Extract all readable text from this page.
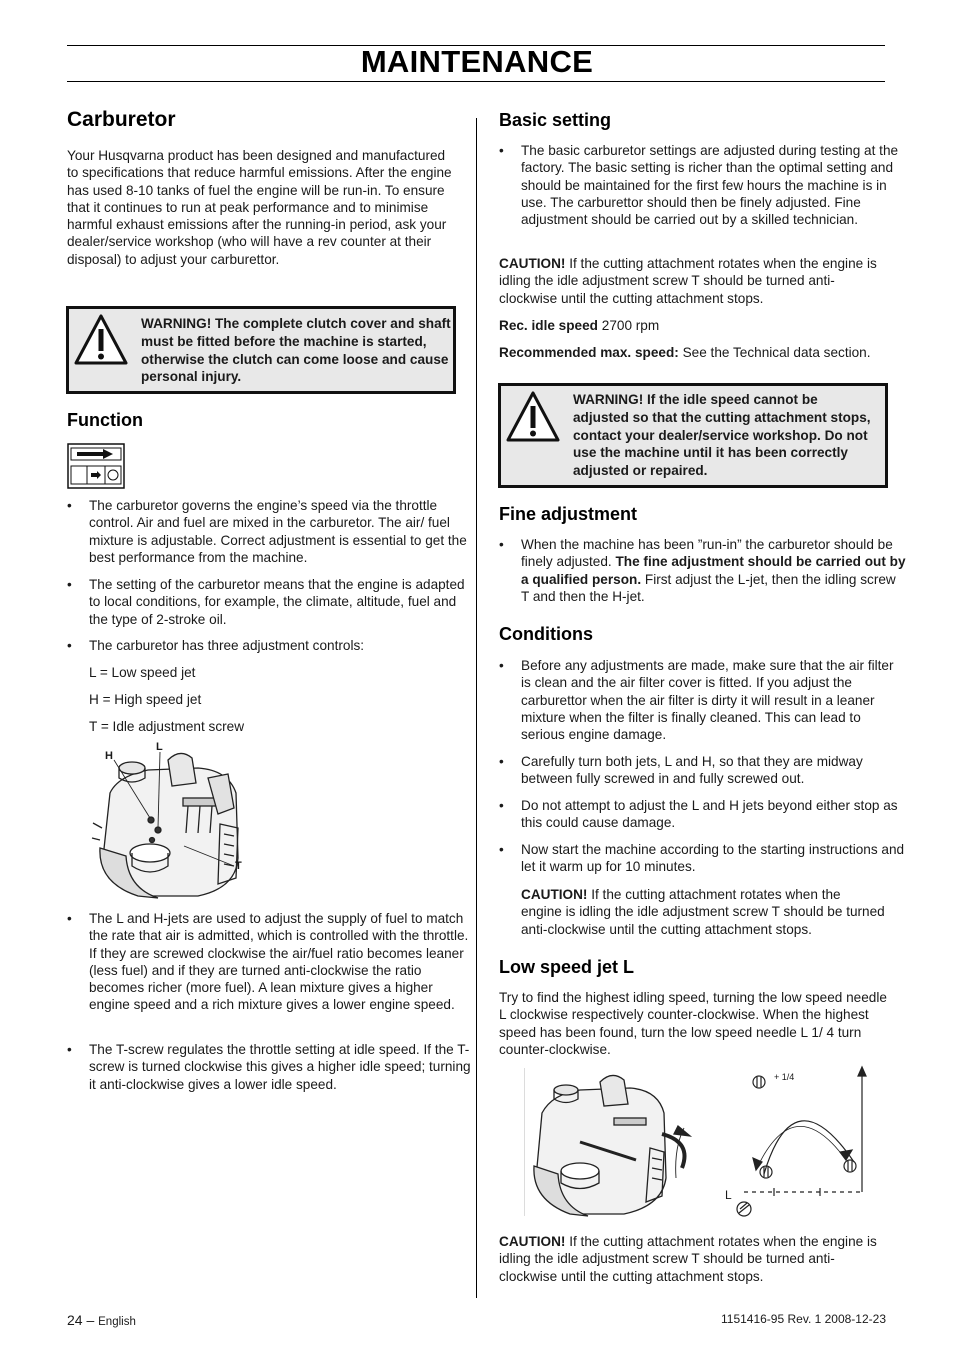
MAINTENANCE
Carburetor

Your Husqvarna product has been designed and manufactured to specifications that reduce harmful emissions. After the engine has used 8-10 tanks of fuel the engine will be run-in. To ensure that it continues to run at peak performance and to minimise harmful exhaust emissions after the running-in period, ask your dealer/service workshop (who will have a rev counter at their disposal) to adjust your carburettor.

WARNING! The complete clutch cover and shaft must be fitted before the machine is started, otherwise the clutch can come loose and cause personal injury.
Function
• The carburetor governs the engine’s speed via the throttle control. Air and fuel are mixed in the carburetor. The air/ fuel mixture is adjustable. Correct adjustment is essential to get the best performance from the machine.
• The setting of the carburetor means that the engine is adapted to local conditions, for example, the climate, altitude, fuel and the type of 2-stroke oil.
• The carburetor has three adjustment controls:
L = Low speed jet
H = High speed jet
T = Idle adjustment screw
H
L
T
• The L and H-jets are used to adjust the supply of fuel to match the rate that air is admitted, which is controlled with the throttle. If they are screwed clockwise the air/fuel ratio becomes leaner (less fuel) and if they are turned anti-clockwise the ratio becomes richer (more fuel). A lean mixture gives a higher engine speed and a rich mixture gives a lower engine speed.
• The T-screw regulates the throttle setting at idle speed. If the T-screw is turned clockwise this gives a higher idle speed; turning it anti-clockwise gives a lower idle speed.
Basic setting
• The basic carburetor settings are adjusted during testing at the factory. The basic setting is richer than the optimal setting and should be maintained for the first few hours the machine is in use. The carburettor should then be finely adjusted. Fine adjustment should be carried out by a skilled technician.

CAUTION! If the cutting attachment rotates when the engine is idling the idle adjustment screw T should be turned anti-clockwise until the cutting attachment stops.

Rec. idle speed 2700 rpm

Recommended max. speed: See the Technical data section.

WARNING! If the idle speed cannot be adjusted so that the cutting attachment stops, contact your dealer/service workshop. Do not use the machine until it has been correctly adjusted or repaired.
Fine adjustment
• When the machine has been ”run-in” the carburetor should be finely adjusted. The fine adjustment should be carried out by a qualified person. First adjust the L-jet, then the idling screw T and then the H-jet.
Conditions
• Before any adjustments are made, make sure that the air filter is clean and the air filter cover is fitted. If you adjust the carburettor when the air filter is dirty it will result in a leaner mixture when the filter is finally cleaned. This can lead to serious engine damage.
• Carefully turn both jets, L and H, so that they are midway between fully screwed in and fully screwed out.
• Do not attempt to adjust the L and H jets beyond either stop as this could cause damage.
• Now start the machine according to the starting instructions and let it warm up for 10 minutes.

CAUTION! If the cutting attachment rotates when the engine is idling the idle adjustment screw T should be turned anti-clockwise until the cutting attachment stops.

Low speed jet L

Try to find the highest idling speed, turning the low speed needle L clockwise respectively counter-clockwise. When the highest speed has been found, turn the low speed needle L 1/ 4 turn counter-clockwise.

+ 1/4
L

CAUTION! If the cutting attachment rotates when the engine is idling the idle adjustment screw T should be turned anti-clockwise until the cutting attachment stops.

24 – English	1151416-95 Rev. 1 2008-12-23
